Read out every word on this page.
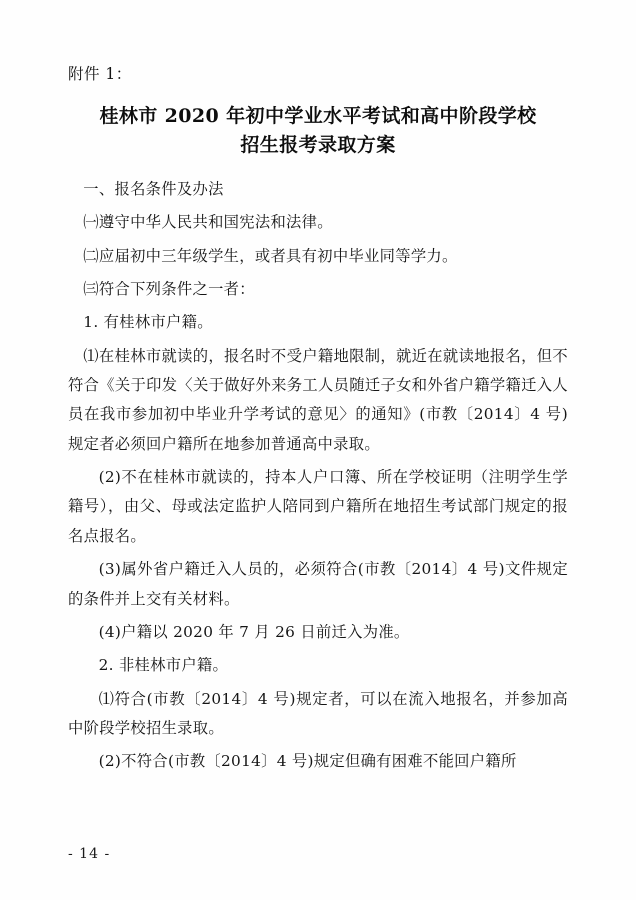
附件 1：
桂林市 2020 年初中学业水平考试和高中阶段学校
招生报考录取方案

一、报名条件及办法

㈠遵守中华人民共和国宪法和法律。

㈡应届初中三年级学生，或者具有初中毕业同等学力。

㈢符合下列条件之一者：

1. 有桂林市户籍。

⑴在桂林市就读的，报名时不受户籍地限制，就近在就读地报名，但不符合《关于印发〈关于做好外来务工人员随迁子女和外省户籍学籍迁入人员在我市参加初中毕业升学考试的意见〉的通知》(市教〔2014〕4 号)规定者必须回户籍所在地参加普通高中录取。

(2)不在桂林市就读的，持本人户口簿、所在学校证明（注明学生学籍号），由父、母或法定监护人陪同到户籍所在地招生考试部门规定的报名点报名。

(3)属外省户籍迁入人员的，必须符合(市教〔2014〕4 号)文件规定的条件并上交有关材料。

(4)户籍以 2020 年 7 月 26 日前迁入为准。

2. 非桂林市户籍。

⑴符合(市教〔2014〕4 号)规定者，可以在流入地报名，并参加高中阶段学校招生录取。

(2)不符合(市教〔2014〕4 号)规定但确有困难不能回户籍所

- 14 -
